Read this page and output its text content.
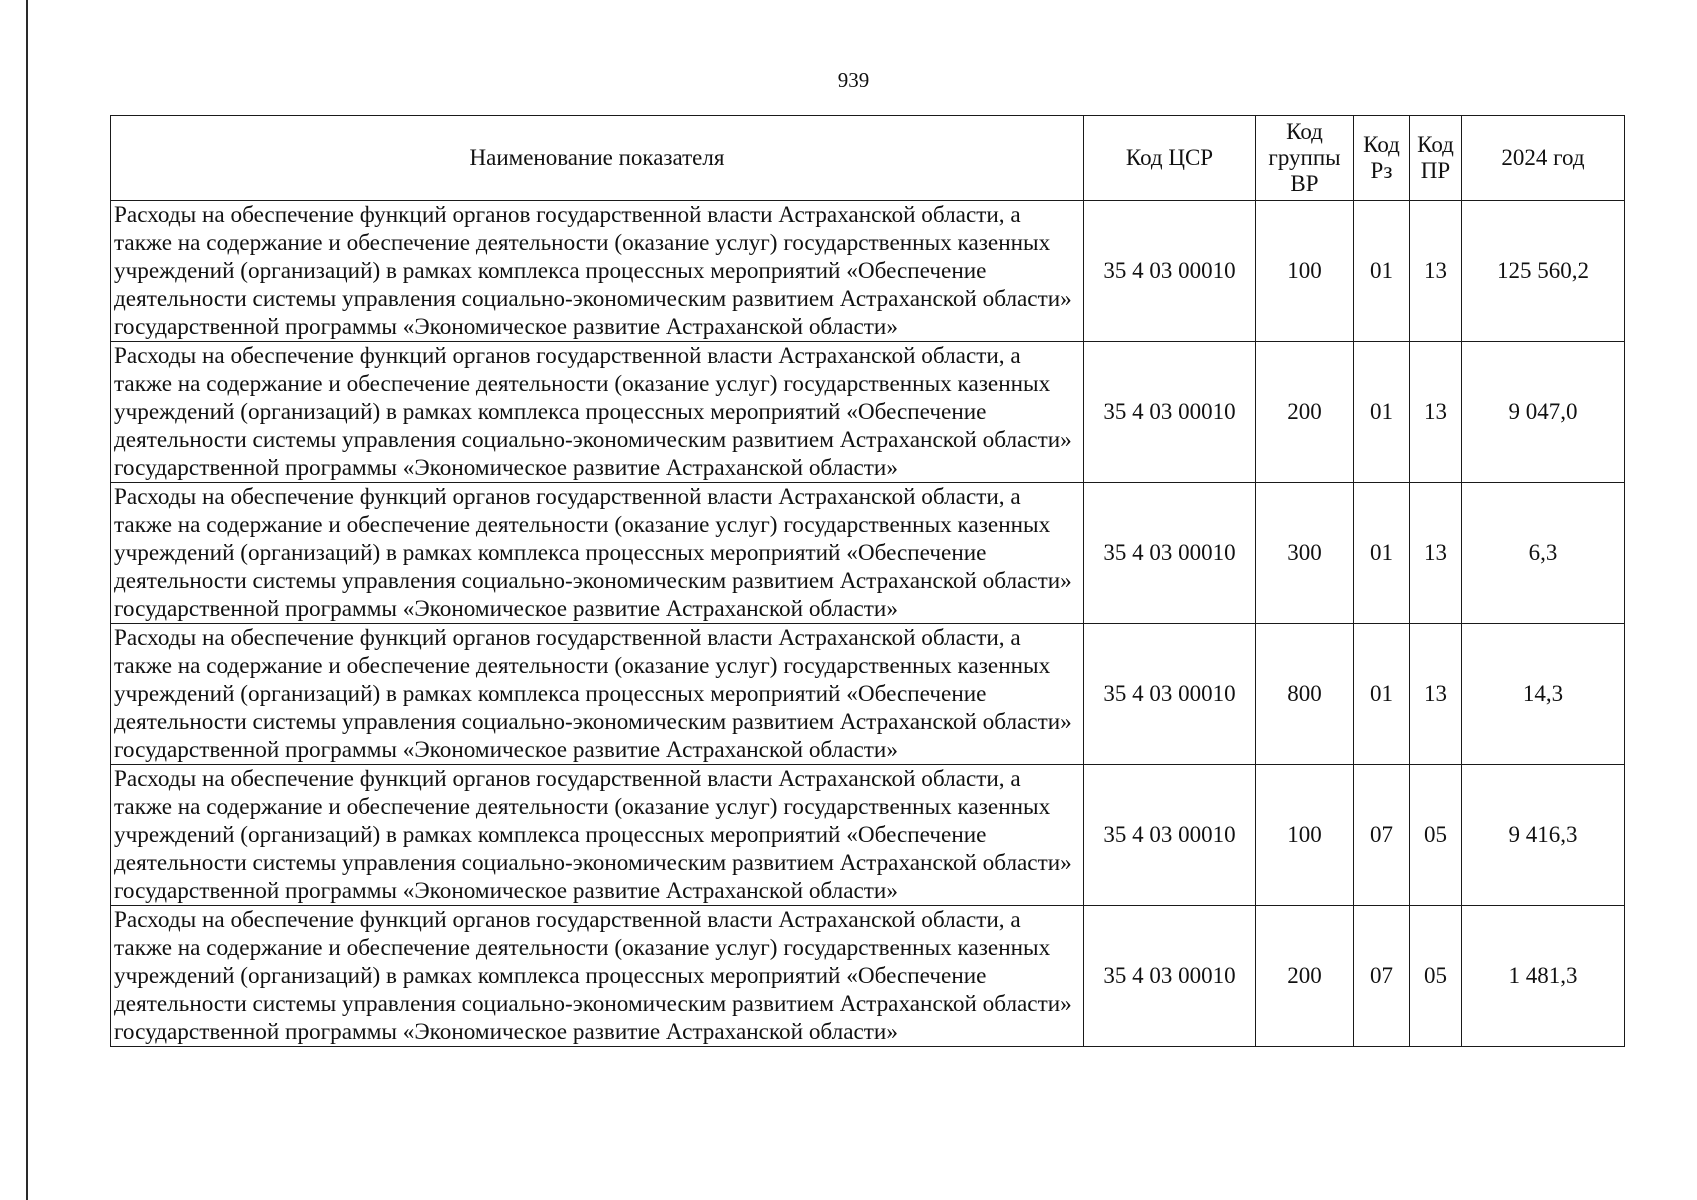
939
Наименование показателя	Код ЦСР	Код группы ВР	Код Рз	Код ПР	2024 год
Расходы на обеспечение функций органов государственной власти Астраханской области, а также на содержание и обеспечение деятельности (оказание услуг) государственных казенных учреждений (организаций) в рамках комплекса процессных мероприятий «Обеспечение деятельности системы управления социально-экономическим развитием Астраханской области» государственной программы «Экономическое развитие Астраханской области»	35 4 03 00010	100	01	13	125 560,2
Расходы на обеспечение функций органов государственной власти Астраханской области, а также на содержание и обеспечение деятельности (оказание услуг) государственных казенных учреждений (организаций) в рамках комплекса процессных мероприятий «Обеспечение деятельности системы управления социально-экономическим развитием Астраханской области» государственной программы «Экономическое развитие Астраханской области»	35 4 03 00010	200	01	13	9 047,0
Расходы на обеспечение функций органов государственной власти Астраханской области, а также на содержание и обеспечение деятельности (оказание услуг) государственных казенных учреждений (организаций) в рамках комплекса процессных мероприятий «Обеспечение деятельности системы управления социально-экономическим развитием Астраханской области» государственной программы «Экономическое развитие Астраханской области»	35 4 03 00010	300	01	13	6,3
Расходы на обеспечение функций органов государственной власти Астраханской области, а также на содержание и обеспечение деятельности (оказание услуг) государственных казенных учреждений (организаций) в рамках комплекса процессных мероприятий «Обеспечение деятельности системы управления социально-экономическим развитием Астраханской области» государственной программы «Экономическое развитие Астраханской области»	35 4 03 00010	800	01	13	14,3
Расходы на обеспечение функций органов государственной власти Астраханской области, а также на содержание и обеспечение деятельности (оказание услуг) государственных казенных учреждений (организаций) в рамках комплекса процессных мероприятий «Обеспечение деятельности системы управления социально-экономическим развитием Астраханской области» государственной программы «Экономическое развитие Астраханской области»	35 4 03 00010	100	07	05	9 416,3
Расходы на обеспечение функций органов государственной власти Астраханской области, а также на содержание и обеспечение деятельности (оказание услуг) государственных казенных учреждений (организаций) в рамках комплекса процессных мероприятий «Обеспечение деятельности системы управления социально-экономическим развитием Астраханской области» государственной программы «Экономическое развитие Астраханской области»	35 4 03 00010	200	07	05	1 481,3
